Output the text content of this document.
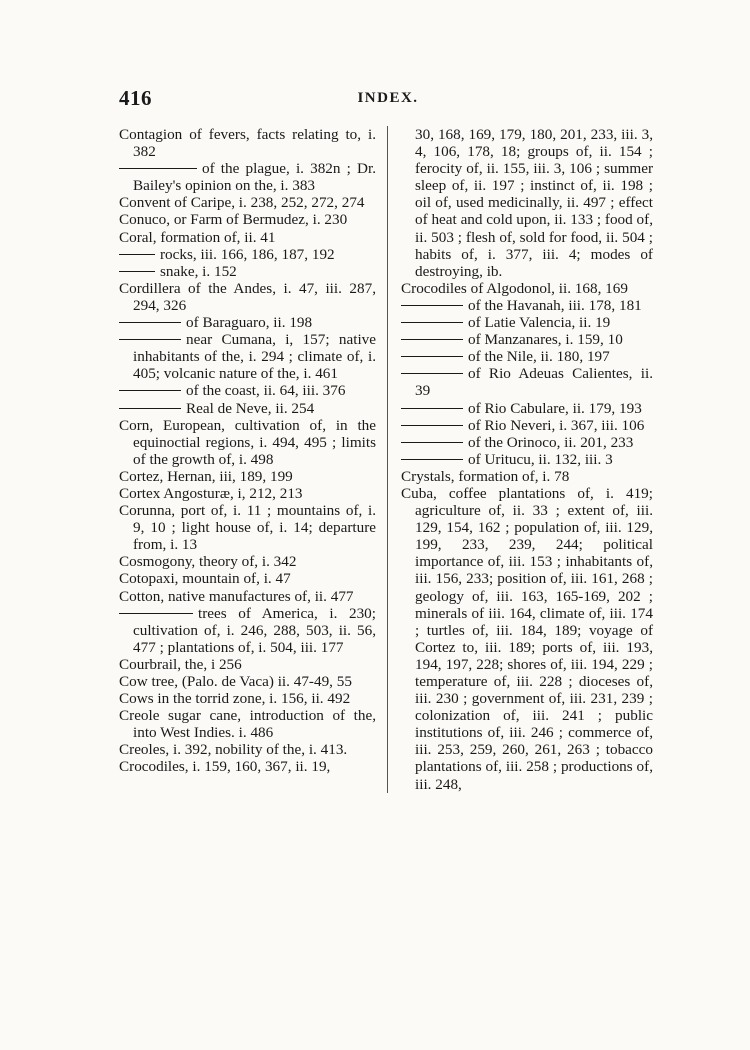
416	INDEX.

Contagion of fevers, facts relating to, i. 382

of the plague, i. 382n ; Dr. Bailey's opinion on the, i. 383

Convent of Caripe, i. 238, 252, 272, 274

Conuco, or Farm of Bermudez, i. 230

Coral, formation of, ii. 41

rocks, iii. 166, 186, 187, 192

snake, i. 152

Cordillera of the Andes, i. 47, iii. 287, 294, 326

of Baraguaro, ii. 198

near Cumana, i, 157; native inhabitants of the, i. 294 ; climate of, i. 405; volcanic nature of the, i. 461

of the coast, ii. 64, iii. 376

Real de Neve, ii. 254

Corn, European, cultivation of, in the equinoctial regions, i. 494, 495 ; limits of the growth of, i. 498

Cortez, Hernan, iii, 189, 199

Cortex Angosturæ, i, 212, 213

Corunna, port of, i. 11 ; mountains of, i. 9, 10 ; light house of, i. 14; departure from, i. 13

Cosmogony, theory of, i. 342

Cotopaxi, mountain of, i. 47

Cotton, native manufactures of, ii. 477

trees of America, i. 230; cultivation of, i. 246, 288, 503, ii. 56, 477 ; plantations of, i. 504, iii. 177

Courbrail, the, i 256

Cow tree, (Palo. de Vaca) ii. 47-49, 55

Cows in the torrid zone, i. 156, ii. 492

Creole sugar cane, introduction of the, into West Indies. i. 486

Creoles, i. 392, nobility of the, i. 413.

Crocodiles, i. 159, 160, 367, ii. 19,

30, 168, 169, 179, 180, 201, 233, iii. 3, 4, 106, 178, 18; groups of, ii. 154 ; ferocity of, ii. 155, iii. 3, 106 ; summer sleep of, ii. 197 ; instinct of, ii. 198 ; oil of, used medicinally, ii. 497 ; effect of heat and cold upon, ii. 133 ; food of, ii. 503 ; flesh of, sold for food, ii. 504 ; habits of, i. 377, iii. 4; modes of destroying, ib.

Crocodiles of Algodonol, ii. 168, 169

of the Havanah, iii. 178, 181

of Latie Valencia, ii. 19

of Manzanares, i. 159, 10

of the Nile, ii. 180, 197

of Rio Adeuas Calientes, ii. 39

of Rio Cabulare, ii. 179, 193

of Rio Neveri, i. 367, iii. 106

of the Orinoco, ii. 201, 233

of Uritucu, ii. 132, iii. 3

Crystals, formation of, i. 78

Cuba, coffee plantations of, i. 419; agriculture of, ii. 33 ; extent of, iii. 129, 154, 162 ; population of, iii. 129, 199, 233, 239, 244; political importance of, iii. 153 ; inhabitants of, iii. 156, 233; position of, iii. 161, 268 ; geology of, iii. 163, 165-169, 202 ; minerals of iii. 164, climate of, iii. 174 ; turtles of, iii. 184, 189; voyage of Cortez to, iii. 189; ports of, iii. 193, 194, 197, 228; shores of, iii. 194, 229 ; temperature of, iii. 228 ; dioceses of, iii. 230 ; government of, iii. 231, 239 ; colonization of, iii. 241 ; public institutions of, iii. 246 ; commerce of, iii. 253, 259, 260, 261, 263 ; tobacco plantations of, iii. 258 ; productions of, iii. 248,
